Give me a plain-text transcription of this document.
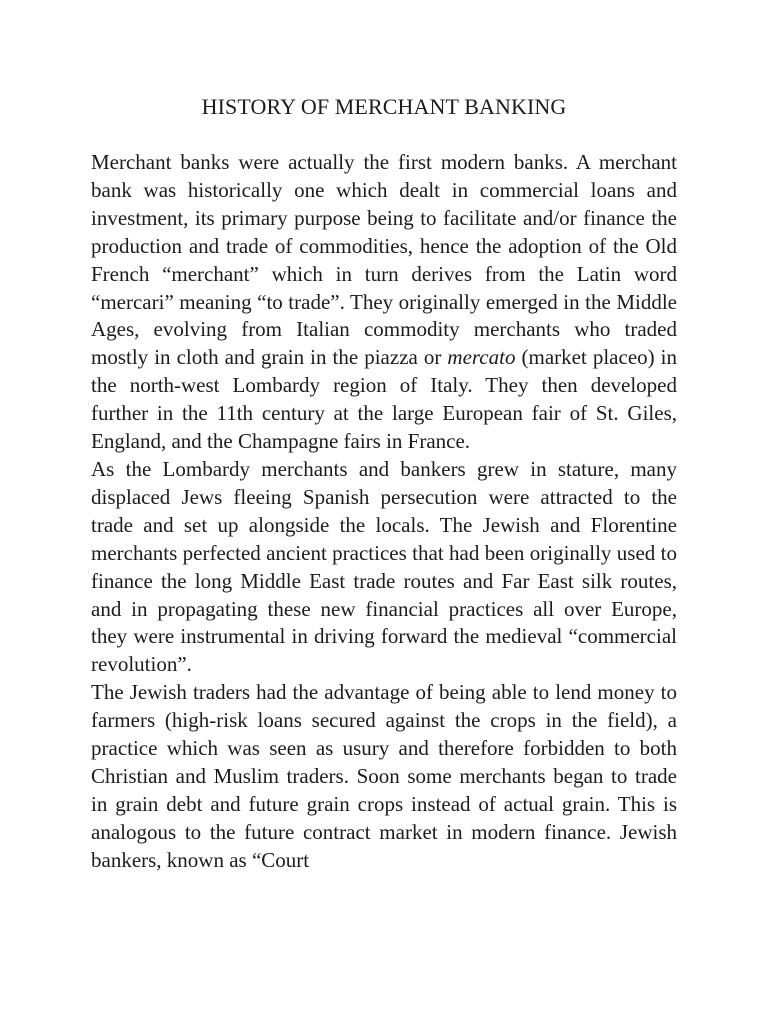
HISTORY OF MERCHANT BANKING

Merchant banks were actually the first modern banks. A merchant bank was historically one which dealt in commercial loans and investment, its primary purpose being to facilitate and/or finance the production and trade of commodities, hence the adoption of the Old French “merchant” which in turn derives from the Latin word “mercari” meaning “to trade”. They originally emerged in the Middle Ages, evolving from Italian commodity merchants who traded mostly in cloth and grain in the piazza or mercato (market placeo) in the north-west Lombardy region of Italy. They then developed further in the 11th century at the large European fair of St. Giles, England, and the Champagne fairs in France.

As the Lombardy merchants and bankers grew in stature, many displaced Jews fleeing Spanish persecution were attracted to the trade and set up alongside the locals. The Jewish and Florentine merchants perfected ancient practices that had been originally used to finance the long Middle East trade routes and Far East silk routes, and in propagating these new financial practices all over Europe, they were instrumental in driving forward the medieval “commercial revolution”.

The Jewish traders had the advantage of being able to lend money to farmers (high-risk loans secured against the crops in the field), a practice which was seen as usury and therefore forbidden to both Christian and Muslim traders. Soon some merchants began to trade in grain debt and future grain crops instead of actual grain. This is analogous to the future contract market in modern finance. Jewish bankers, known as “Court
